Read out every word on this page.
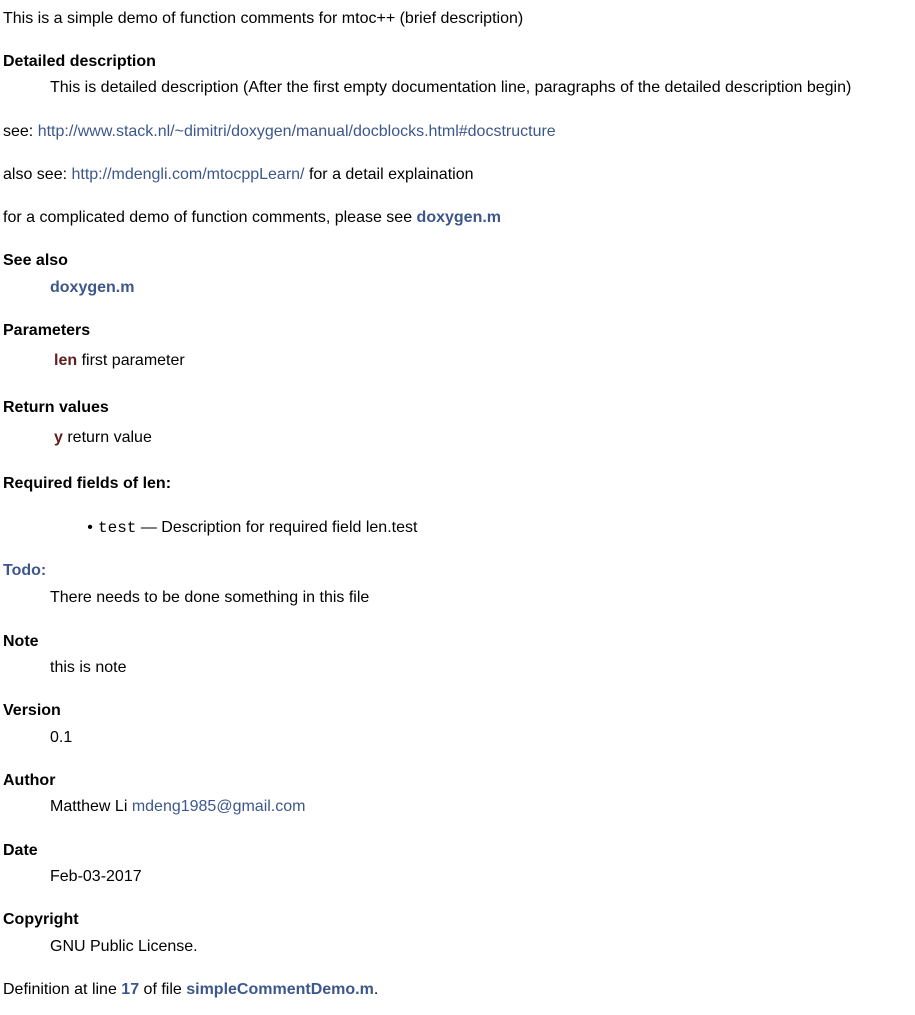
This is a simple demo of function comments for mtoc++ (brief description)

Detailed description
This is detailed description (After the first empty documentation line, paragraphs of the detailed description begin)

see: http://www.stack.nl/~dimitri/doxygen/manual/docblocks.html#docstructure

also see: http://mdengli.com/mtocppLearn/ for a detail explaination

for a complicated demo of function comments, please see doxygen.m

See also
doxygen.m
Parameters
len first parameter
Return values
y return value
Required fields of len:
• test — Description for required field len.test
Todo:
There needs to be done something in this file
Note
this is note
Version
0.1
Author
Matthew Li mdeng1985@gmail.com
Date
Feb-03-2017
Copyright
GNU Public License.

Definition at line 17 of file simpleCommentDemo.m.
